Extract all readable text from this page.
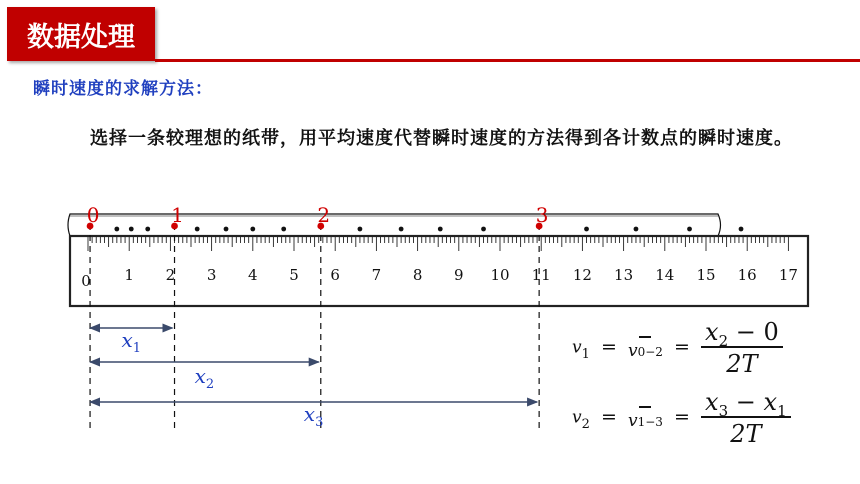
数据处理
瞬时速度的求解方法：
选择一条较理想的纸带，用平均速度代替瞬时速度的方法得到各计数点的瞬时速度。
0 1 2 3 4 5 6 7 8 9 10 11 12 13 14 15 16 17
0	1	2	3
$x_1$
$x_2$
$x_3$
$v_1 = v0-2 = \frac{x_2 - 0}{2T}$
$v_2 = v1-3 = \frac{x_3 - x_1}{2T}$
